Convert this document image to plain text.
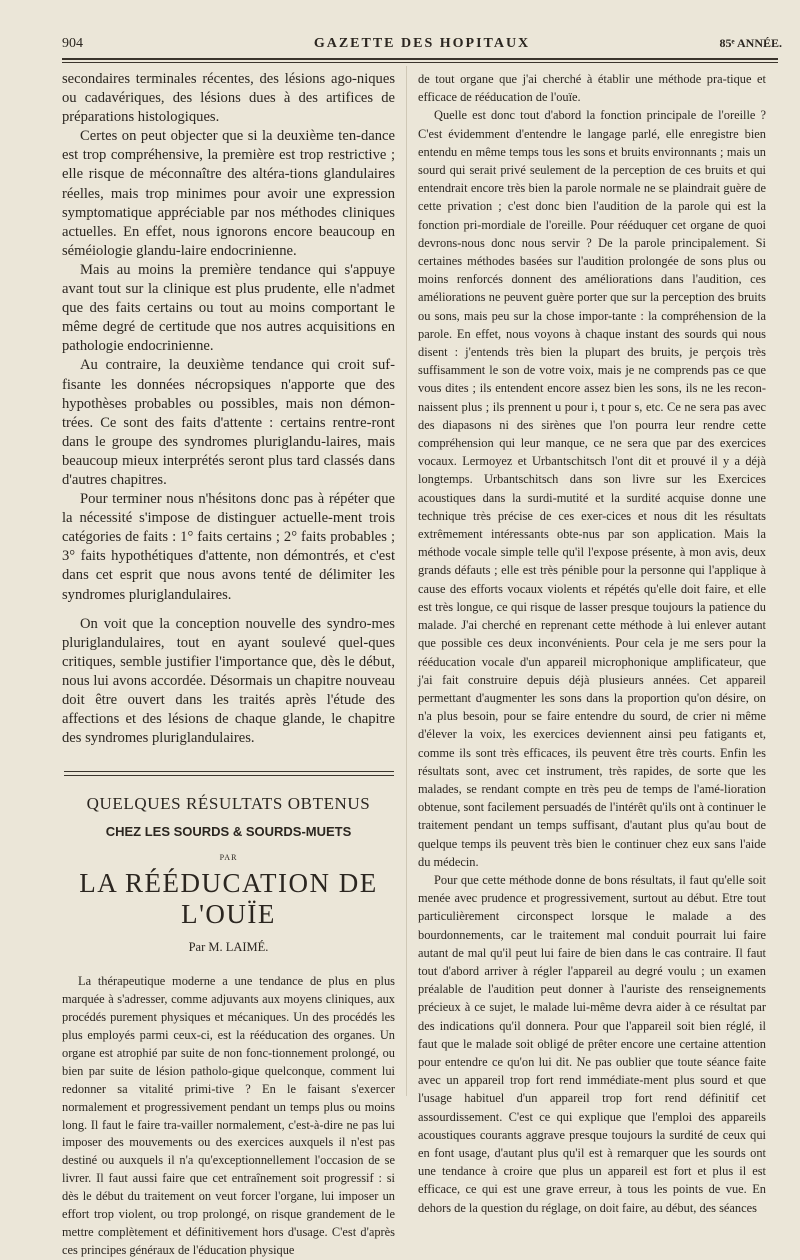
904	GAZETTE DES HOPITAUX	85ᵉ ANNÉE.

secondaires terminales récentes, des lésions ago-niques ou cadavériques, des lésions dues à des artifices de préparations histologiques.

Certes on peut objecter que si la deuxième ten-dance est trop compréhensive, la première est trop restrictive ; elle risque de méconnaître des altéra-tions glandulaires réelles, mais trop minimes pour avoir une expression symptomatique appréciable par nos méthodes cliniques actuelles. En effet, nous ignorons encore beaucoup en séméiologie glandu-laire endocrinienne.

Mais au moins la première tendance qui s'appuye avant tout sur la clinique est plus prudente, elle n'admet que des faits certains ou tout au moins comportant le même degré de certitude que nos autres acquisitions en pathologie endocrinienne.

Au contraire, la deuxième tendance qui croit suf-fisante les données nécropsiques n'apporte que des hypothèses probables ou possibles, mais non démon-trées. Ce sont des faits d'attente : certains rentre-ront dans le groupe des syndromes pluriglandu-laires, mais beaucoup mieux interprétés seront plus tard classés dans d'autres chapitres.

Pour terminer nous n'hésitons donc pas à répéter que la nécessité s'impose de distinguer actuelle-ment trois catégories de faits : 1° faits certains ; 2° faits probables ; 3° faits hypothétiques d'attente, non démontrés, et c'est dans cet esprit que nous avons tenté de délimiter les syndromes pluriglandulaires.

On voit que la conception nouvelle des syndro-mes pluriglandulaires, tout en ayant soulevé quel-ques critiques, semble justifier l'importance que, dès le début, nous lui avons accordée. Désormais un chapitre nouveau doit être ouvert dans les traités après l'étude des affections et des lésions de chaque glande, le chapitre des syndromes pluriglandulaires.

QUELQUES RÉSULTATS OBTENUS
CHEZ LES SOURDS & SOURDS-MUETS
PAR
LA RÉÉDUCATION DE L'OUÏE
Par M. LAIMÉ.

La thérapeutique moderne a une tendance de plus en plus marquée à s'adresser, comme adjuvants aux moyens cliniques, aux procédés purement physiques et mécaniques. Un des procédés les plus employés parmi ceux-ci, est la rééducation des organes. Un organe est atrophié par suite de non fonc-tionnement prolongé, ou bien par suite de lésion patholo-gique quelconque, comment lui redonner sa vitalité primi-tive ? En le faisant s'exercer normalement et progressivement pendant un temps plus ou moins long. Il faut le faire tra-vailler normalement, c'est-à-dire ne pas lui imposer des mouvements ou des exercices auxquels il n'est pas destiné ou auxquels il n'a qu'exceptionnellement l'occasion de se livrer. Il faut aussi faire que cet entraînement soit progressif : si dès le début du traitement on veut forcer l'organe, lui imposer un effort trop violent, ou trop prolongé, on risque grandement de le mettre complètement et définitivement hors d'usage. C'est d'après ces principes généraux de l'éducation physique

de tout organe que j'ai cherché à établir une méthode pra-tique et efficace de rééducation de l'ouïe.

Quelle est donc tout d'abord la fonction principale de l'oreille ? C'est évidemment d'entendre le langage parlé, elle enregistre bien entendu en même temps tous les sons et bruits environnants ; mais un sourd qui serait privé seulement de la perception de ces bruits et qui entendrait encore très bien la parole normale ne se plaindrait guère de cette privation ; c'est donc bien l'audition de la parole qui est la fonction pri-mordiale de l'oreille. Pour rééduquer cet organe de quoi devrons-nous donc nous servir ? De la parole principalement. Si certaines méthodes basées sur l'audition prolongée de sons plus ou moins renforcés donnent des améliorations dans l'audition, ces améliorations ne peuvent guère porter que sur la perception des bruits ou sons, mais peu sur la chose impor-tante : la compréhension de la parole. En effet, nous voyons à chaque instant des sourds qui nous disent : j'entends très bien la plupart des bruits, je perçois très suffisamment le son de votre voix, mais je ne comprends pas ce que vous dites ; ils entendent encore assez bien les sons, ils ne les recon-naissent plus ; ils prennent u pour i, t pour s, etc. Ce ne sera pas avec des diapasons ni des sirènes que l'on pourra leur rendre cette compréhension qui leur manque, ce ne sera que par des exercices vocaux. Lermoyez et Urbantschitsch l'ont dit et prouvé il y a déjà longtemps. Urbantschitsch dans son livre sur les Exercices acoustiques dans la surdi-mutité et la surdité acquise donne une technique très précise de ces exer-cices et nous dit les résultats extrêmement intéressants obte-nus par son application. Mais la méthode vocale simple telle qu'il l'expose présente, à mon avis, deux grands défauts ; elle est très pénible pour la personne qui l'applique à cause des efforts vocaux violents et répétés qu'elle doit faire, et elle est très longue, ce qui risque de lasser presque toujours la patience du malade. J'ai cherché en reprenant cette méthode à lui enlever autant que possible ces deux inconvénients. Pour cela je me sers pour la rééducation vocale d'un appareil microphonique amplificateur, que j'ai fait construire depuis déjà plusieurs années. Cet appareil permettant d'augmenter les sons dans la proportion qu'on désire, on n'a plus besoin, pour se faire entendre du sourd, de crier ni même d'élever la voix, les exercices deviennent ainsi peu fatigants et, comme ils sont très efficaces, ils peuvent être très courts. Enfin les résultats sont, avec cet instrument, très rapides, de sorte que les malades, se rendant compte en très peu de temps de l'amé-lioration obtenue, sont facilement persuadés de l'intérêt qu'ils ont à continuer le traitement pendant un temps suffisant, d'autant plus qu'au bout de quelque temps ils peuvent très bien le continuer chez eux sans l'aide du médecin.

Pour que cette méthode donne de bons résultats, il faut qu'elle soit menée avec prudence et progressivement, surtout au début. Etre tout particulièrement circonspect lorsque le malade a des bourdonnements, car le traitement mal conduit pourrait lui faire autant de mal qu'il peut lui faire de bien dans le cas contraire. Il faut tout d'abord arriver à régler l'appareil au degré voulu ; un examen préalable de l'audition peut donner à l'auriste des renseignements précieux à ce sujet, le malade lui-même devra aider à ce résultat par des indications qu'il donnera. Pour que l'appareil soit bien réglé, il faut que le malade soit obligé de prêter encore une certaine attention pour entendre ce qu'on lui dit. Ne pas oublier que toute séance faite avec un appareil trop fort rend immédiate-ment plus sourd et que l'usage habituel d'un appareil trop fort rend définitif cet assourdissement. C'est ce qui explique que l'emploi des appareils acoustiques courants aggrave presque toujours la surdité de ceux qui en font usage, d'autant plus qu'il est à remarquer que les sourds ont une tendance à croire que plus un appareil est fort et plus il est efficace, ce qui est une grave erreur, à tous les points de vue. En dehors de la question du réglage, on doit faire, au début, des séances
